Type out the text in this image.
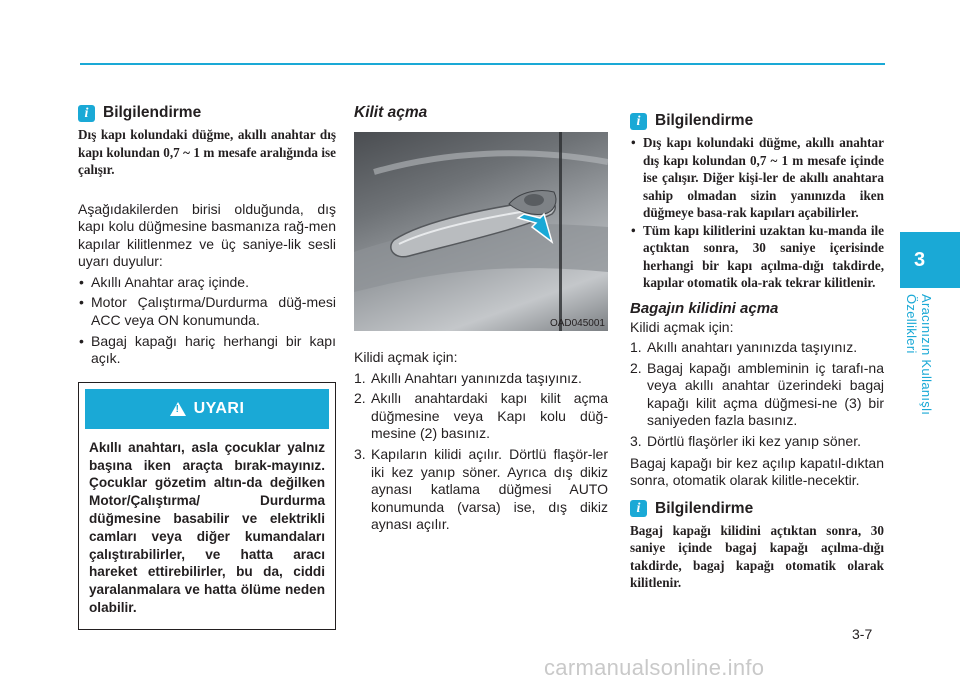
i Bilgilendirme

Dış kapı kolundaki düğme, akıllı anahtar dış kapı kolundan 0,7 ~ 1 m mesafe aralığında ise çalışır.

Aşağıdakilerden birisi olduğunda, dış kapı kolu düğmesine basmanıza rağ-men kapılar kilitlenmez ve üç saniye-lik sesli uyarı duyulur:

• Akıllı Anahtar araç içinde.
• Motor Çalıştırma/Durdurma düğ-mesi ACC veya ON konumunda.
• Bagaj kapağı hariç herhangi bir kapı açık.
! UYARI

Akıllı anahtarı, asla çocuklar yalnız başına iken araçta bırak-mayınız. Çocuklar gözetim altın-da değilken Motor/Çalıştırma/ Durdurma düğmesine basabilir ve elektrikli camları veya diğer kumandaları çalıştırabilirler, ve hatta aracı hareket ettirebilirler, bu da, ciddi yaralanmalara ve hatta ölüme neden olabilir.

Kilit açma
OAD045001

Kilidi açmak için:

1. Akıllı Anahtarı yanınızda taşıyınız.
2. Akıllı anahtardaki kapı kilit açma düğmesine veya Kapı kolu düğ-mesine (2) basınız.
3. Kapıların kilidi açılır. Dörtlü flaşör-ler iki kez yanıp söner. Ayrıca dış dikiz aynası katlama düğmesi AUTO konumunda (varsa) ise, dış dikiz aynası açılır.
i Bilgilendirme
• Dış kapı kolundaki düğme, akıllı anahtar dış kapı kolundan 0,7 ~ 1 m mesafe içinde ise çalışır. Diğer kişi-ler de akıllı anahtara sahip olmadan sizin yanınızda iken düğmeye basa-rak kapıları açabilirler.
• Tüm kapı kilitlerini uzaktan ku-manda ile açtıktan sonra, 30 saniye içerisinde herhangi bir kapı açılma-dığı takdirde, kapılar otomatik ola-rak tekrar kilitlenir.
Bagajın kilidini açma

Kilidi açmak için:

1. Akıllı anahtarı yanınızda taşıyınız.
2. Bagaj kapağı ambleminin iç tarafı-na veya akıllı anahtar üzerindeki bagaj kapağı kilit açma düğmesi-ne (3) bir saniyeden fazla basınız.
3. Dörtlü flaşörler iki kez yanıp söner.

Bagaj kapağı bir kez açılıp kapatıl-dıktan sonra, otomatik olarak kilitle-necektir.

i Bilgilendirme

Bagaj kapağı kilidini açtıktan sonra, 30 saniye içinde bagaj kapağı açılma-dığı takdirde, bagaj kapağı otomatik olarak kilitlenir.

3
Aracınızın Kullanışlı Özellikleri
3-7
carmanualsonline.info
